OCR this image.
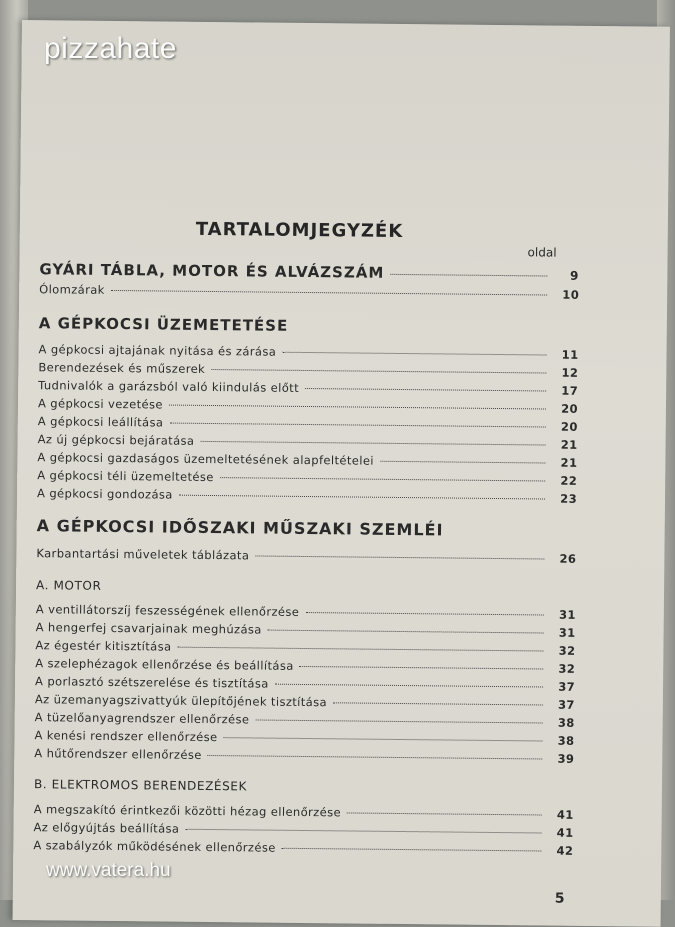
TARTALOMJEGYZÉK
oldal
GYÁRI TÁBLA, MOTOR ÉS ALVÁZSZÁM	9
Ólomzárak	10
A GÉPKOCSI ÜZEMETETÉSE
A gépkocsi ajtajának nyitása és zárása	11
Berendezések és műszerek	12
Tudnivalók a garázsból való kiindulás előtt	17
A gépkocsi vezetése	20
A gépkocsi leállítása	20
Az új gépkocsi bejáratása	21
A gépkocsi gazdaságos üzemeltetésének alapfeltételei	21
A gépkocsi téli üzemeltetése	22
A gépkocsi gondozása	23
A GÉPKOCSI IDŐSZAKI MŰSZAKI SZEMLÉI
Karbantartási műveletek táblázata	26
A. MOTOR
A ventillátorszíj feszességének ellenőrzése	31
A hengerfej csavarjainak meghúzása	31
Az égestér kitisztítása	32
A szelephézagok ellenőrzése és beállítása	32
A porlasztó szétszerelése és tisztítása	37
Az üzemanyagszivattyúk ülepítőjének tisztítása	37
A tüzelőanyagrendszer ellenőrzése	38
A kenési rendszer ellenőrzése	38
A hűtőrendszer ellenőrzése	39
B. ELEKTROMOS BERENDEZÉSEK
A megszakító érintkezői közötti hézag ellenőrzése	41
Az előgyújtás beállítása	41
A szabályzók működésének ellenőrzése	42
5
pizzahate
www.vatera.hu
